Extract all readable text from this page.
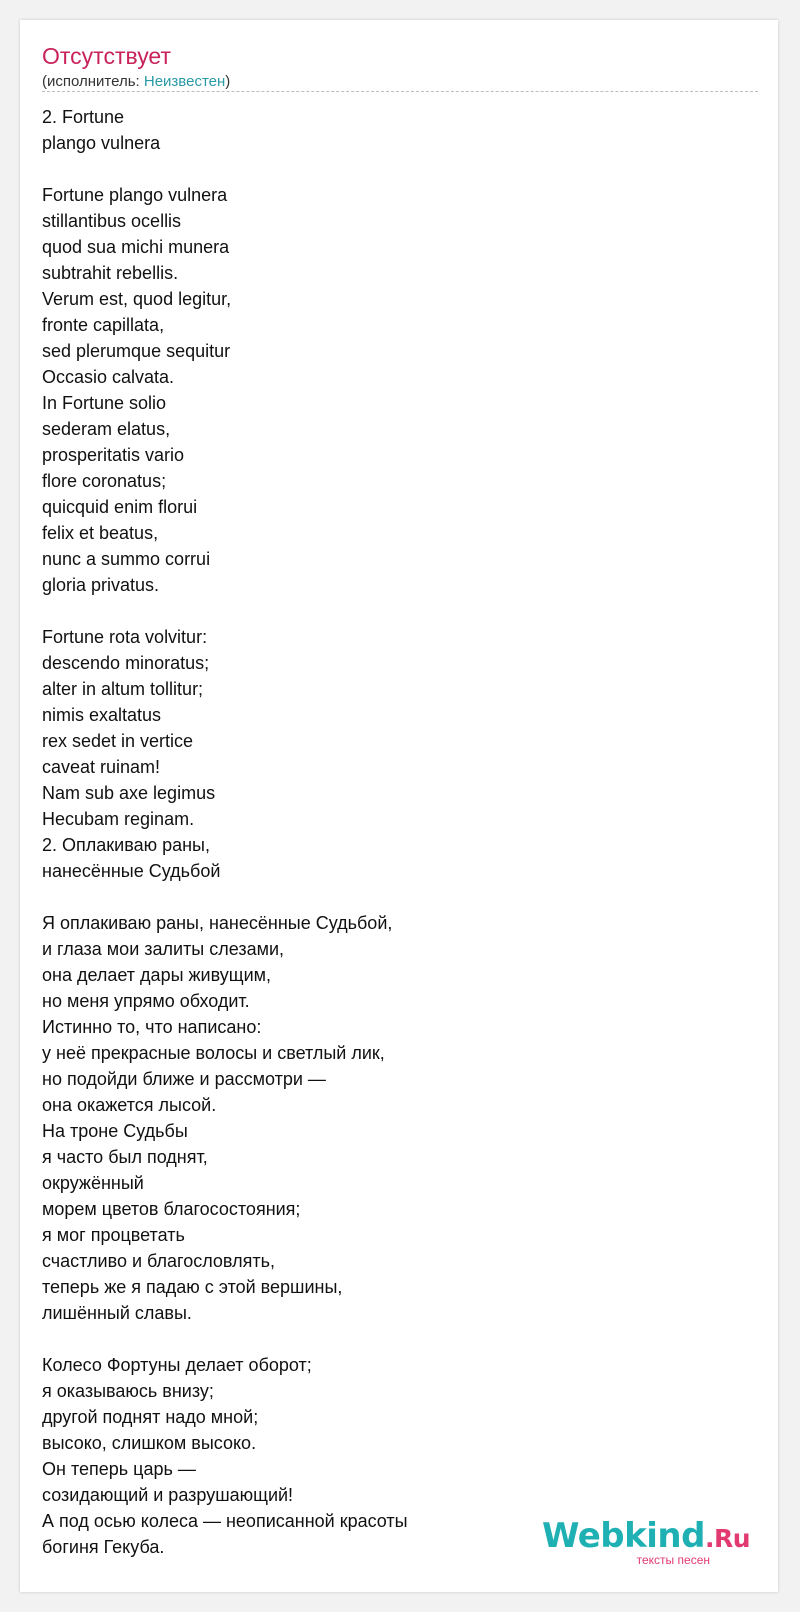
Отсутствует
(исполнитель: Неизвестен)
2. Fortune
plango vulnera
Fortune plango vulnera
stillantibus ocellis
quod sua michi munera
subtrahit rebellis.
Verum est, quod legitur,
fronte capillata,
sed plerumque sequitur
Occasio calvata.
In Fortune solio
sederam elatus,
prosperitatis vario
flore coronatus;
quicquid enim florui
felix et beatus,
nunc a summo corrui
gloria privatus.
Fortune rota volvitur:
descendo minoratus;
alter in altum tollitur;
nimis exaltatus
rex sedet in vertice
caveat ruinam!
Nam sub axe legimus
Hecubam reginam.
2. Оплакиваю раны,
нанесённые Судьбой
Я оплакиваю раны, нанесённые Судьбой,
и глаза мои залиты слезами,
она делает дары живущим,
но меня упрямо обходит.
Истинно то, что написано:
у неё прекрасные волосы и светлый лик,
но подойди ближе и рассмотри —
она окажется лысой.
На троне Судьбы
я часто был поднят,
окружённый
морем цветов благосостояния;
я мог процветать
счастливо и благословлять,
теперь же я падаю с этой вершины,
лишённый славы.
Колесо Фортуны делает оборот;
я оказываюсь внизу;
другой поднят надо мной;
высоко, слишком высоко.
Он теперь царь —
созидающий и разрушающий!
А под осью колеса — неописанной красоты
богиня Гекуба.	Webkind.Ru
тексты песен
